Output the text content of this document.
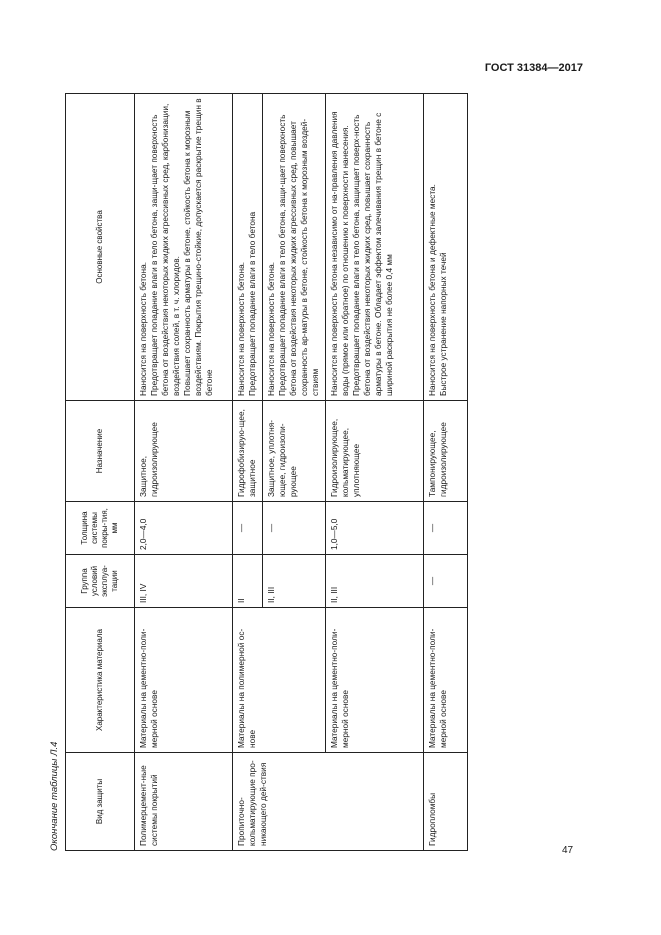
ГОСТ 31384—2017
Окончание таблицы Л.4	Вид защиты	Характеристика материала	Группа условий эксплуа-тации	Толщина системы покры-тия, мм	Назначение	Основные свойства
Полимерцемент-ные системы покрытий	Материалы на цементно-поли-мерной основе	III, IV	2,0—4,0	Защитное, гидроизолирующее	Наносится на поверхность бетона. Предотвращает попадание влаги в тело бетона, защи-щает поверхность бетона от воздействия некоторых жидких агрессивных сред, карбонизации, воздействия солей, в т. ч. хлоридов. Повышает сохранность арматуры в бетоне, стойкость бетона к морозным воздействиям. Покрытия трещино-стойкие, допускается раскрытие трещин в бетоне

Пропиточно-кольматирующие про-никающего дей-ствия	Материалы на полимерной ос-нове	II	—	Гидрофобизирую-щее, защитное	Наносится на поверхность бетона. Предотвращает попадание влаги в тело бетона

		II, III	—	Защитное, уплотня-ющее, гидроизоли-рующее	Наносится на поверхность бетона. Предотвращает попадание влаги в тело бетона, защи-щает поверхность бетона от воздействия некоторых жидких агрессивных сред, повышает сохранность ар-матуры в бетоне, стойкость бетона к морозным воздей-ствиям

	Материалы на цементно-поли-мерной основе	II, III	1,0—5,0	Гидроизолирующее, кольматирующее, уплотняющее	Наносится на поверхность бетона независимо от на-правления давления воды (прямое или обратное) по отношению к поверхности нанесения. Предотвращает попадание влаги в тело бетона, защищает поверх-ность бетона от воздействия некоторых жидких сред, повышает сохранность арматуры в бетоне. Обладает эффектом залечивания трещин в бетоне с шириной раскрытия не более 0,4 мм

Гидропломбы	Материалы на цементно-поли-мерной основе	—	—	Тампонирующее, гидроизолирующее	Наносится на поверхность бетона и дефектные места. Быстрое устранение напорных течей

47
